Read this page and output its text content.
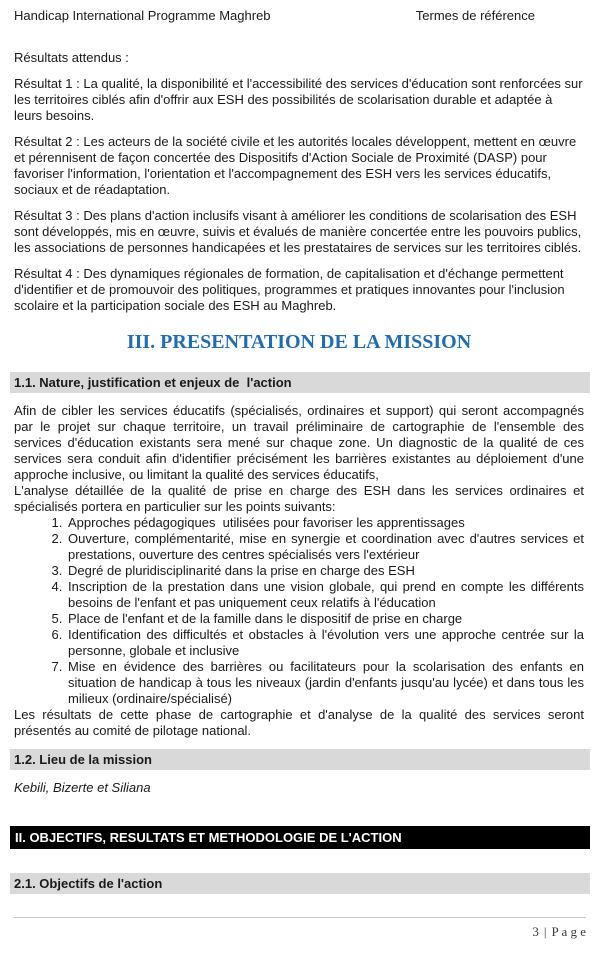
Handicap International Programme Maghreb	Termes de référence

Résultats attendus :

Résultat 1 : La qualité, la disponibilité et l'accessibilité des services d'éducation sont renforcées sur les territoires ciblés afin d'offrir aux ESH des possibilités de scolarisation durable et adaptée à leurs besoins.

Résultat 2 : Les acteurs de la société civile et les autorités locales développent, mettent en œuvre et pérennisent de façon concertée des Dispositifs d'Action Sociale de Proximité (DASP) pour favoriser l'information, l'orientation et l'accompagnement des ESH vers les services éducatifs, sociaux et de réadaptation.

Résultat 3 : Des plans d'action inclusifs visant à améliorer les conditions de scolarisation des ESH sont développés, mis en œuvre, suivis et évalués de manière concertée entre les pouvoirs publics, les associations de personnes handicapées et les prestataires de services sur les territoires ciblés.

Résultat 4 : Des dynamiques régionales de formation, de capitalisation et d'échange permettent d'identifier et de promouvoir des politiques, programmes et pratiques innovantes pour l'inclusion scolaire et la participation sociale des ESH au Maghreb.

III. PRESENTATION DE LA MISSION
1.1. Nature, justification et enjeux de  l'action

Afin de cibler les services éducatifs (spécialisés, ordinaires et support) qui seront accompagnés par le projet sur chaque territoire, un travail préliminaire de cartographie de l'ensemble des services d'éducation existants sera mené sur chaque zone. Un diagnostic de la qualité de ces services sera conduit afin d'identifier précisément les barrières existantes au déploiement d'une approche inclusive, ou limitant la qualité des services éducatifs,

L'analyse détaillée de la qualité de prise en charge des ESH dans les services ordinaires et spécialisés portera en particulier sur les points suivants:

1. Approches pédagogiques  utilisées pour favoriser les apprentissages
2. Ouverture, complémentarité, mise en synergie et coordination avec d'autres services et prestations, ouverture des centres spécialisés vers l'extérieur
3. Degré de pluridisciplinarité dans la prise en charge des ESH
4. Inscription de la prestation dans une vision globale, qui prend en compte les différents besoins de l'enfant et pas uniquement ceux relatifs à l'éducation
5. Place de l'enfant et de la famille dans le dispositif de prise en charge
6. Identification des difficultés et obstacles à l'évolution vers une approche centrée sur la personne, globale et inclusive
7. Mise en évidence des barrières ou facilitateurs pour la scolarisation des enfants en situation de handicap à tous les niveaux (jardin d'enfants jusqu'au lycée) et dans tous les milieux (ordinaire/spécialisé)

Les résultats de cette phase de cartographie et d'analyse de la qualité des services seront présentés au comité de pilotage national.

1.2. Lieu de la mission

Kebili, Bizerte et Siliana

II. OBJECTIFS, RESULTATS ET METHODOLOGIE DE L'ACTION
2.1. Objectifs de l'action
3 | P a g e
